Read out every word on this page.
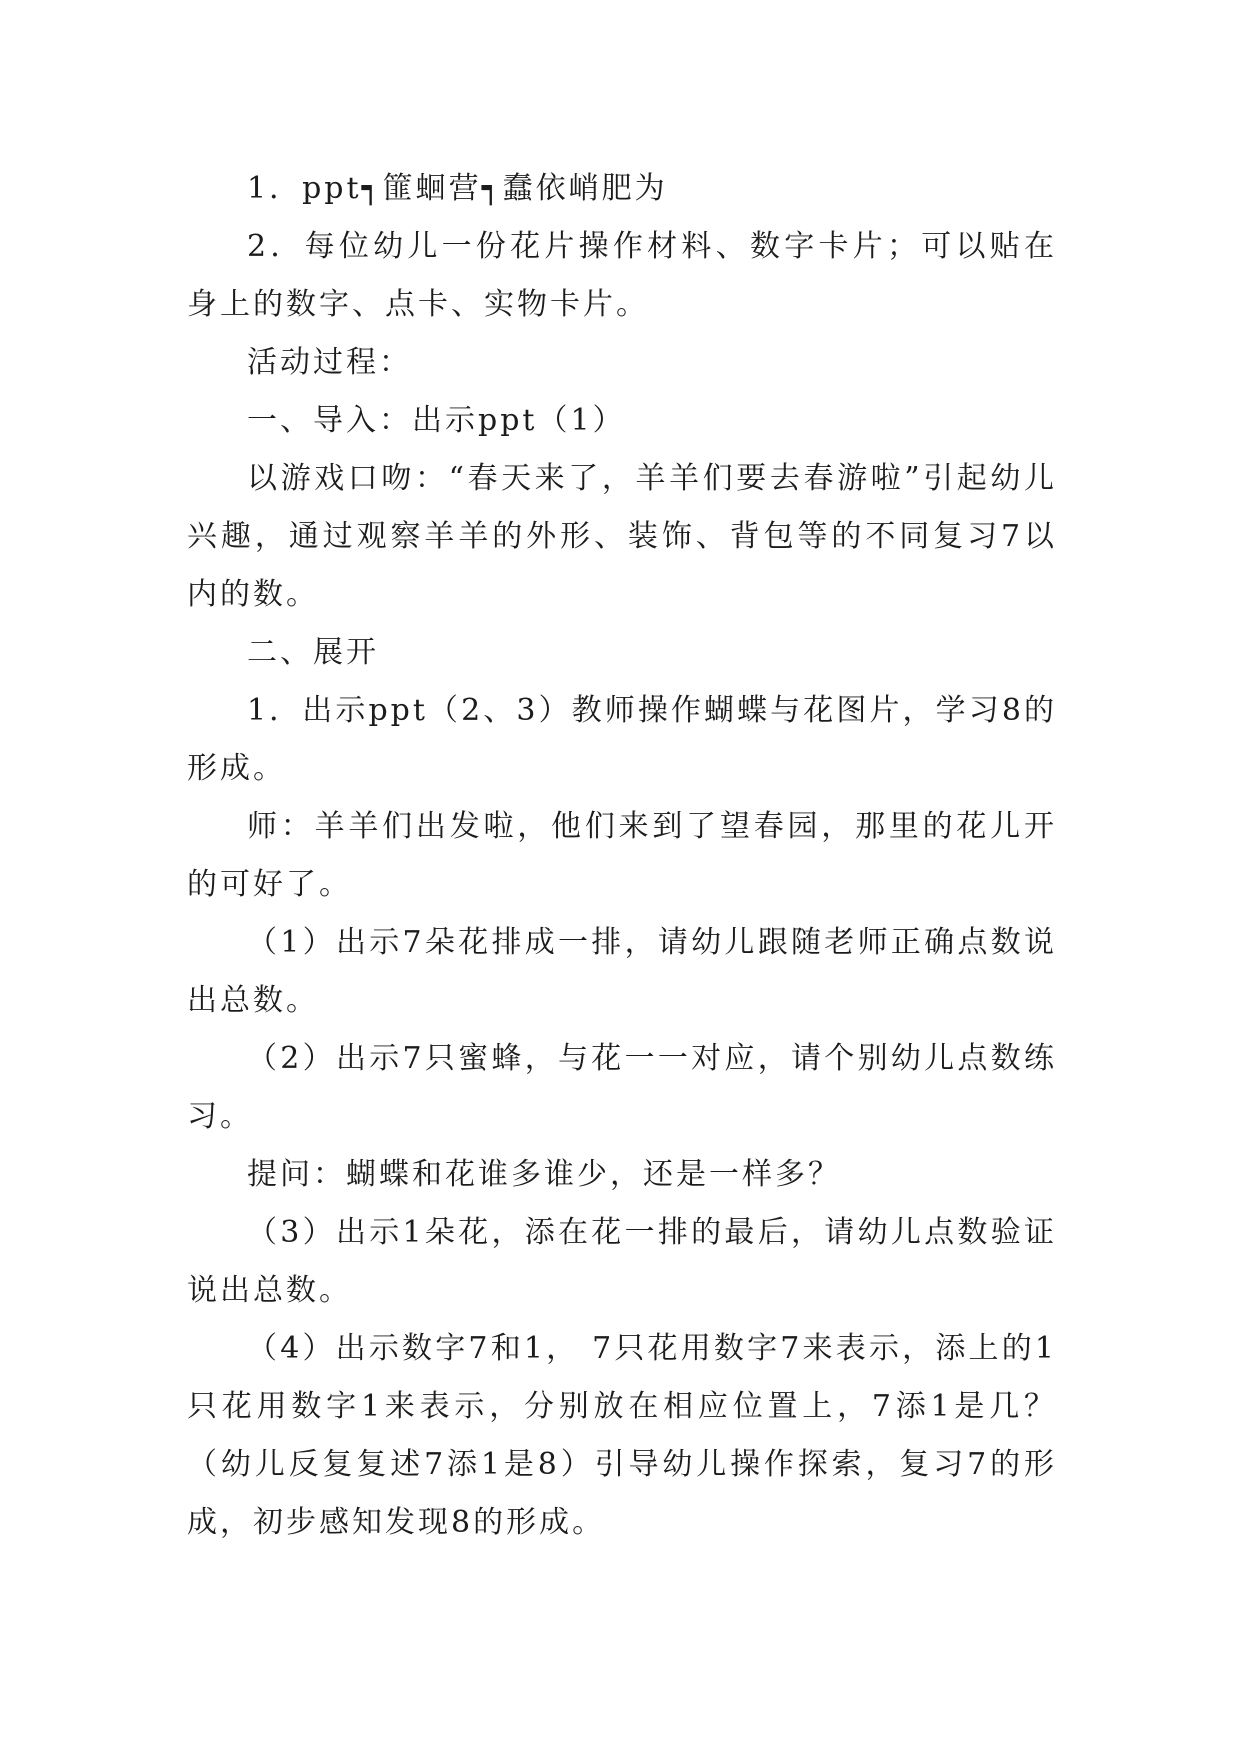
1．ppt┑篚蛔营┑蠢依峭肥为

2．每位幼儿一份花片操作材料、数字卡片；可以贴在身上的数字、点卡、实物卡片。

活动过程：

一、导入：出示ppt（1）

以游戏口吻：“春天来了，羊羊们要去春游啦”引起幼儿兴趣，通过观察羊羊的外形、装饰、背包等的不同复习7以内的数。

二、展开

1．出示ppt（2、3）教师操作蝴蝶与花图片，学习8的形成。

师：羊羊们出发啦，他们来到了望春园，那里的花儿开的可好了。

（1）出示7朵花排成一排，请幼儿跟随老师正确点数说出总数。

（2）出示7只蜜蜂，与花一一对应，请个别幼儿点数练习。

提问：蝴蝶和花谁多谁少，还是一样多？

（3）出示1朵花，添在花一排的最后，请幼儿点数验证说出总数。

（4）出示数字7和1， 7只花用数字7来表示，添上的1只花用数字1来表示，分别放在相应位置上，7添1是几？（幼儿反复复述7添1是8）引导幼儿操作探索，复习7的形成，初步感知发现8的形成。
